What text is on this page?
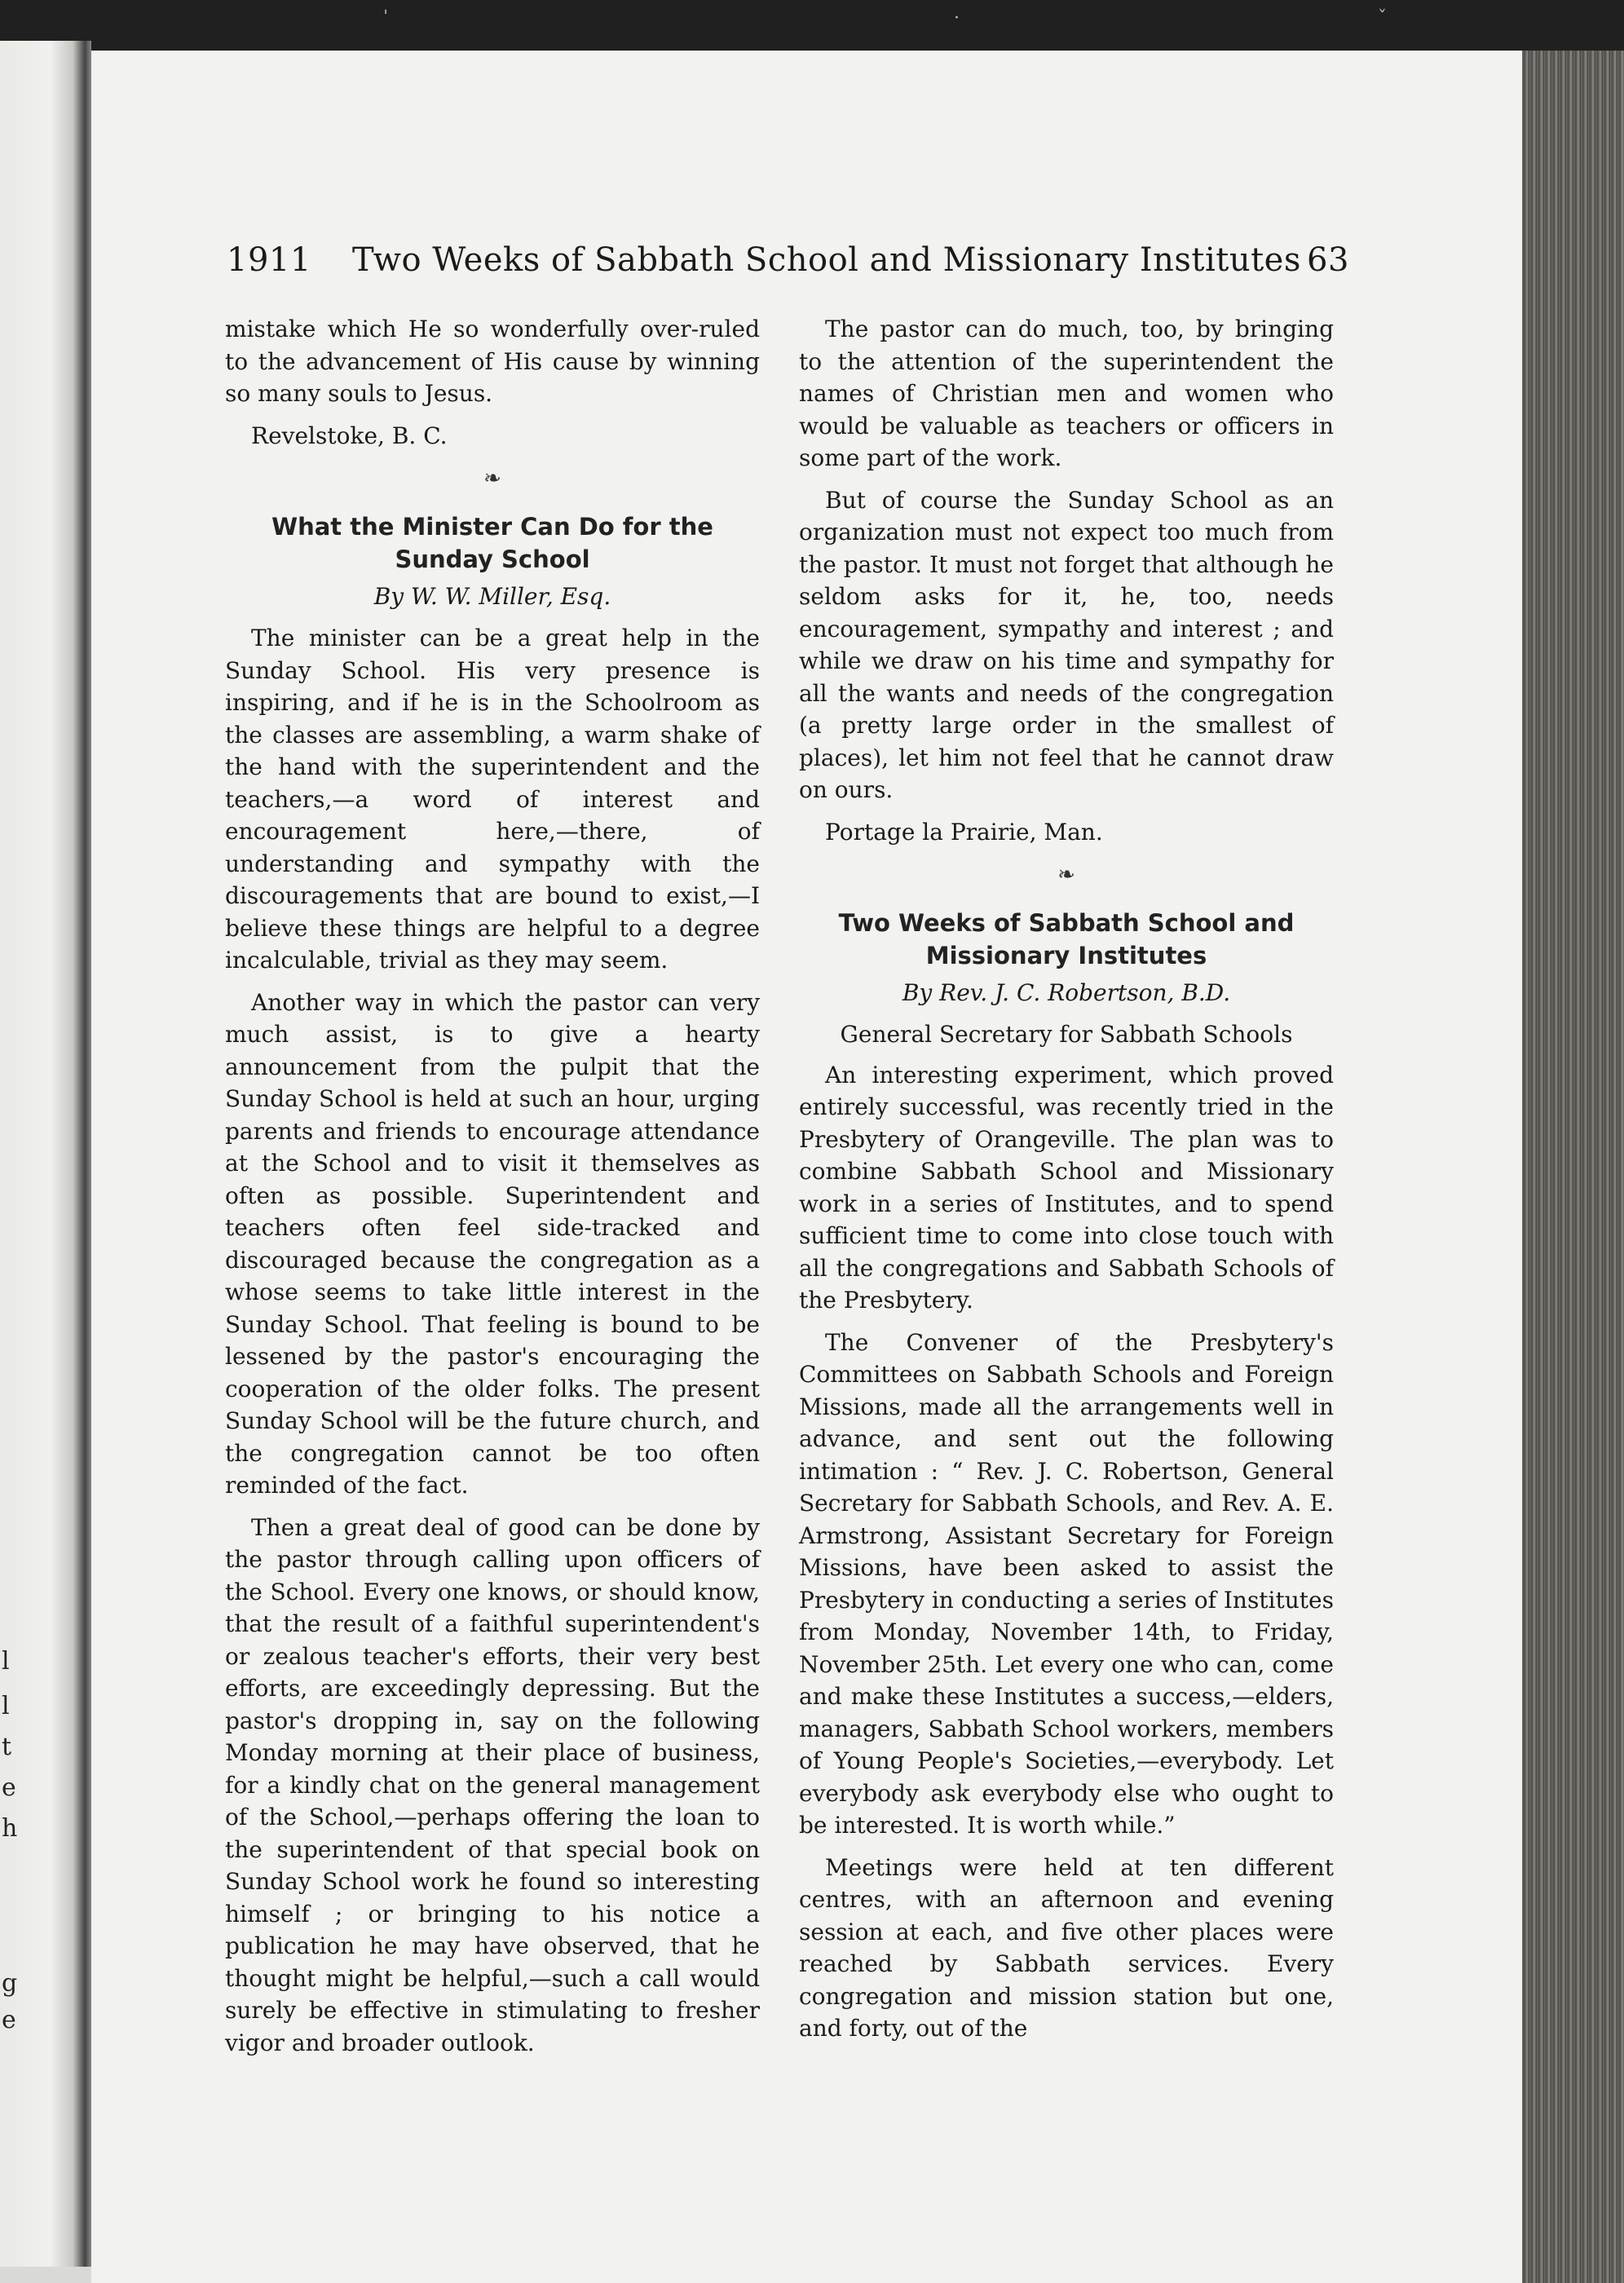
ˈ	·	ˇ
l
l
t
e
h
g
e
1911 Two Weeks of Sabbath School and Missionary Institutes 63

mistake which He so wonderfully over-ruled to the advancement of His cause by winning so many souls to Jesus.

Revelstoke, B. C.
❧
What the Minister Can Do for the Sunday School
By W. W. Miller, Esq.

The minister can be a great help in the Sunday School. His very presence is inspiring, and if he is in the Schoolroom as the classes are assembling, a warm shake of the hand with the superintendent and the teachers,—a word of interest and encouragement here,—there, of understanding and sympathy with the discouragements that are bound to exist,—I believe these things are helpful to a degree incalculable, trivial as they may seem.

Another way in which the pastor can very much assist, is to give a hearty announcement from the pulpit that the Sunday School is held at such an hour, urging parents and friends to encourage attendance at the School and to visit it themselves as often as possible. Superintendent and teachers often feel side-tracked and discouraged because the congregation as a whose seems to take little interest in the Sunday School. That feeling is bound to be lessened by the pastor's encouraging the cooperation of the older folks. The present Sunday School will be the future church, and the congregation cannot be too often reminded of the fact.

Then a great deal of good can be done by the pastor through calling upon officers of the School. Every one knows, or should know, that the result of a faithful superintendent's or zealous teacher's efforts, their very best efforts, are exceedingly depressing. But the pastor's dropping in, say on the following Monday morning at their place of business, for a kindly chat on the general management of the School,—perhaps offering the loan to the superintendent of that special book on Sunday School work he found so interesting himself ; or bringing to his notice a publication he may have observed, that he thought might be helpful,—such a call would surely be effective in stimulating to fresher vigor and broader outlook.

The pastor can do much, too, by bringing to the attention of the superintendent the names of Christian men and women who would be valuable as teachers or officers in some part of the work.

But of course the Sunday School as an organization must not expect too much from the pastor. It must not forget that although he seldom asks for it, he, too, needs encouragement, sympathy and interest ; and while we draw on his time and sympathy for all the wants and needs of the congregation (a pretty large order in the smallest of places), let him not feel that he cannot draw on ours.

Portage la Prairie, Man.
❧
Two Weeks of Sabbath School and Missionary Institutes
By Rev. J. C. Robertson, B.D.
General Secretary for Sabbath Schools

An interesting experiment, which proved entirely successful, was recently tried in the Presbytery of Orangeville. The plan was to combine Sabbath School and Missionary work in a series of Institutes, and to spend sufficient time to come into close touch with all the congregations and Sabbath Schools of the Presbytery.

The Convener of the Presbytery's Committees on Sabbath Schools and Foreign Missions, made all the arrangements well in advance, and sent out the following intimation : “ Rev. J. C. Robertson, General Secretary for Sabbath Schools, and Rev. A. E. Armstrong, Assistant Secretary for Foreign Missions, have been asked to assist the Presbytery in conducting a series of Institutes from Monday, November 14th, to Friday, November 25th. Let every one who can, come and make these Institutes a success,—elders, managers, Sabbath School workers, members of Young People's Societies,—everybody. Let everybody ask everybody else who ought to be interested. It is worth while.”

Meetings were held at ten different centres, with an afternoon and evening session at each, and five other places were reached by Sabbath services. Every congregation and mission station but one, and forty, out of the
